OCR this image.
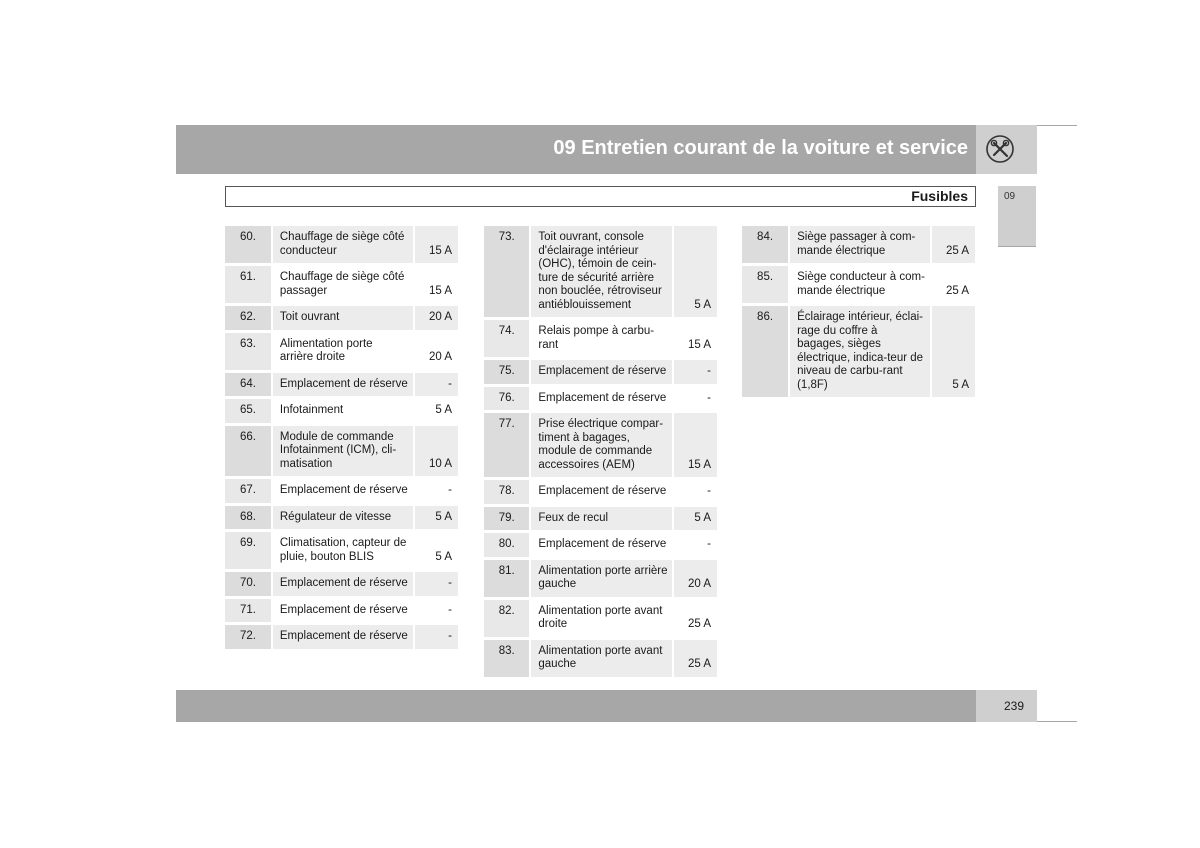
09 Entretien courant de la voiture et service
Fusibles	09
60.	Chauffage de siège côté conducteur	15 A
61.	Chauffage de siège côté passager	15 A
62.	Toit ouvrant	20 A
63.	Alimentation porte arrière droite	20 A
64.	Emplacement de réserve	-
65.	Infotainment	5 A
66.	Module de commande Infotainment (ICM), cli-matisation	10 A
67.	Emplacement de réserve	-
68.	Régulateur de vitesse	5 A
69.	Climatisation, capteur de pluie, bouton BLIS	5 A
70.	Emplacement de réserve	-
71.	Emplacement de réserve	-
72.	Emplacement de réserve	-
73.	Toit ouvrant, console d'éclairage intérieur (OHC), témoin de cein-ture de sécurité arrière non bouclée, rétroviseur antiéblouissement	5 A
74.	Relais pompe à carbu-rant	15 A
75.	Emplacement de réserve	-
76.	Emplacement de réserve	-
77.	Prise électrique compar-timent à bagages, module de commande accessoires (AEM)	15 A
78.	Emplacement de réserve	-
79.	Feux de recul	5 A
80.	Emplacement de réserve	-
81.	Alimentation porte arrière gauche	20 A
82.	Alimentation porte avant droite	25 A
83.	Alimentation porte avant gauche	25 A
84.	Siège passager à com-mande électrique	25 A
85.	Siège conducteur à com-mande électrique	25 A
86.	Éclairage intérieur, éclai-rage du coffre à bagages, sièges électrique, indica-teur de niveau de carbu-rant (1,8F)	5 A
239
